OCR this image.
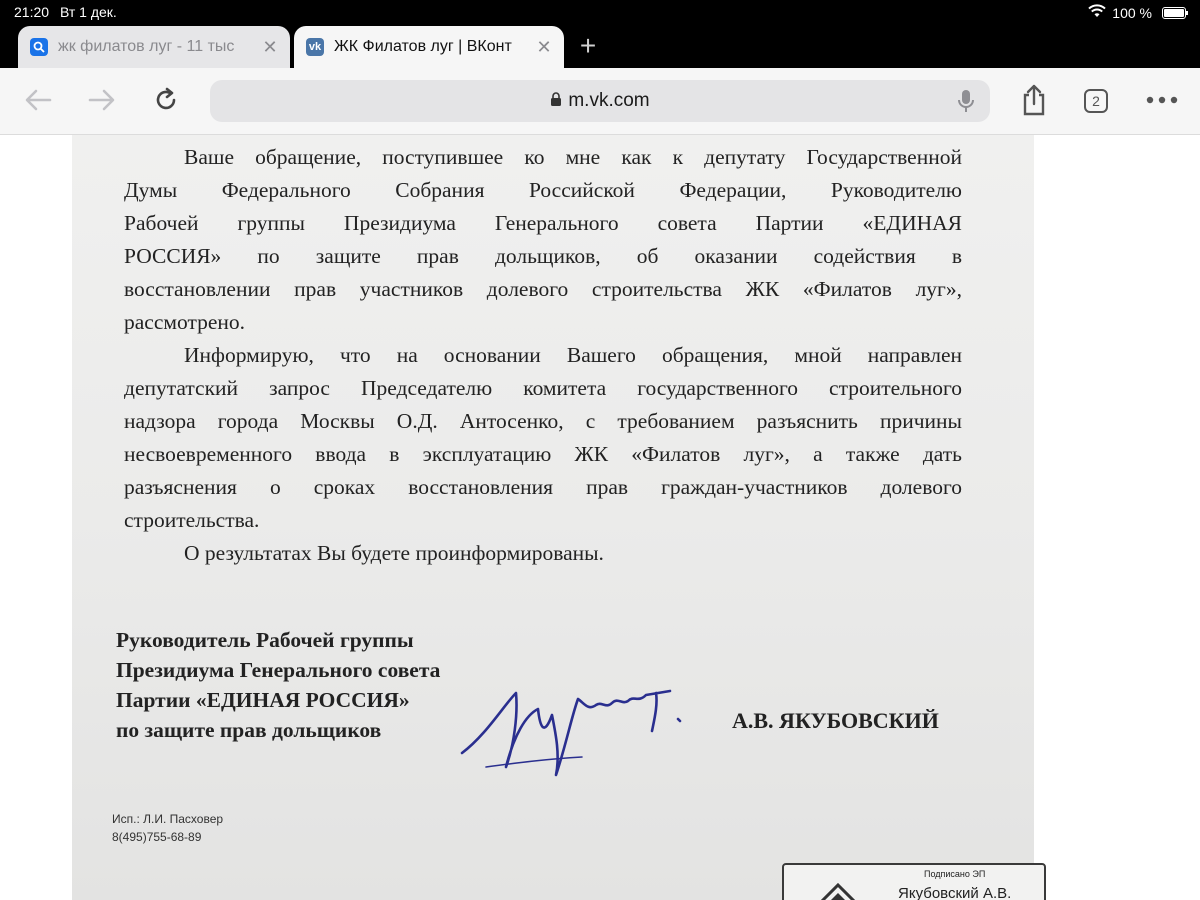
21:20 Вт 1 дек.	100 %
жк филатов луг - 11 тыс	✕	vk ЖК Филатов луг | ВКонт	✕ +
m.vk.com	2
Ваше обращение, поступившее ко мне как к депутату Государственной
Думы Федерального Собрания Российской Федерации, Руководителю
Рабочей группы Президиума Генерального совета Партии «ЕДИНАЯ
РОССИЯ» по защите прав дольщиков, об оказании содействия в
восстановлении прав участников долевого строительства ЖК «Филатов луг»,
рассмотрено.
Информирую, что на основании Вашего обращения, мной направлен
депутатский запрос Председателю комитета государственного строительного
надзора города Москвы О.Д. Антосенко, с требованием разъяснить причины
несвоевременного ввода в эксплуатацию ЖК «Филатов луг», а также дать
разъяснения о сроках восстановления прав граждан-участников долевого
строительства.
О результатах Вы будете проинформированы.
Руководитель Рабочей группы
Президиума Генерального совета
Партии «ЕДИНАЯ РОССИЯ»
по защите прав дольщиков	А.В. ЯКУБОВСКИЙ
Исп.: Л.И. Пасховер
8(495)755-68-89
Подписано ЭП
Якубовский А.В.
